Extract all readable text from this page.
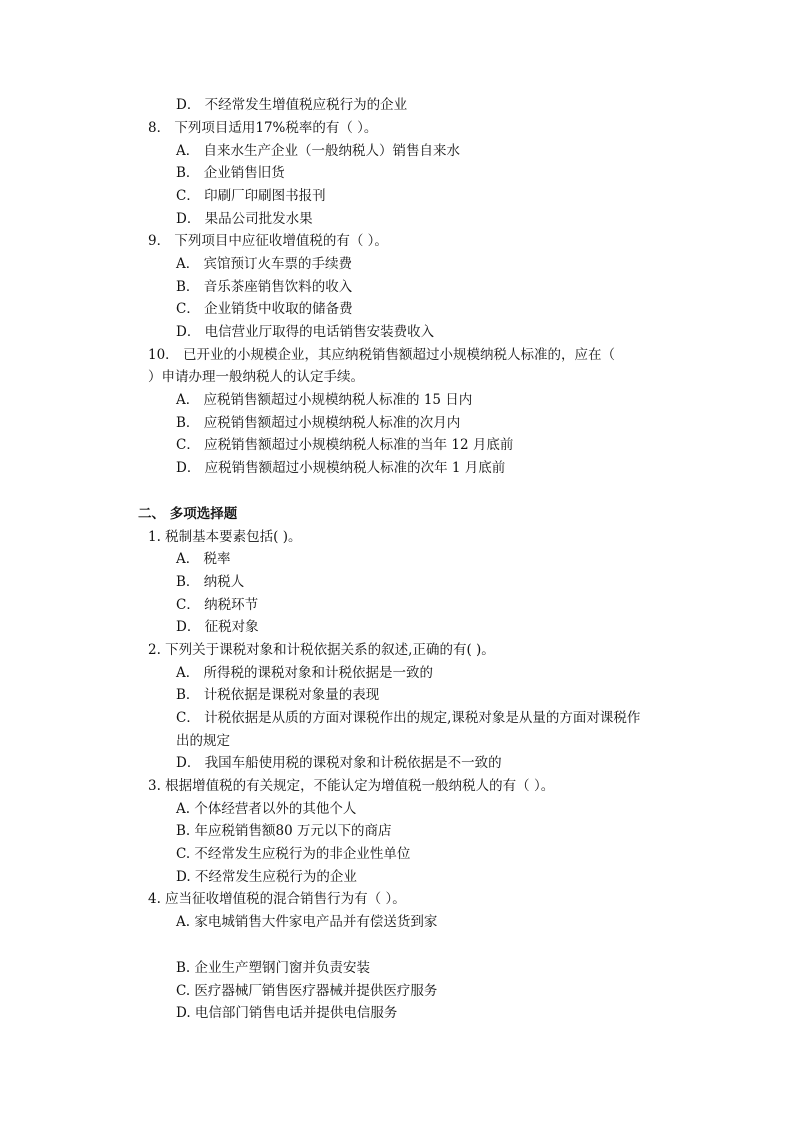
D． 不经常发生增值税应税行为的企业
8． 下列项目适用17%税率的有（ ）。
A． 自来水生产企业（一般纳税人）销售自来水
B． 企业销售旧货
C． 印刷厂印刷图书报刊
D． 果品公司批发水果
9． 下列项目中应征收增值税的有（ ）。
A． 宾馆预订火车票的手续费
B． 音乐茶座销售饮料的收入
C． 企业销货中收取的储备费
D． 电信营业厅取得的电话销售安装费收入
10． 已开业的小规模企业，其应纳税销售额超过小规模纳税人标准的，应在（
）申请办理一般纳税人的认定手续。
A． 应税销售额超过小规模纳税人标准的 15 日内
B． 应税销售额超过小规模纳税人标准的次月内
C． 应税销售额超过小规模纳税人标准的当年 12 月底前
D． 应税销售额超过小规模纳税人标准的次年 1 月底前
二、 多项选择题
1. 税制基本要素包括( )。
A． 税率
B． 纳税人
C． 纳税环节
D． 征税对象
2. 下列关于课税对象和计税依据关系的叙述,正确的有( )。
A． 所得税的课税对象和计税依据是一致的
B． 计税依据是课税对象量的表现
C． 计税依据是从质的方面对课税作出的规定,课税对象是从量的方面对课税作
出的规定
D． 我国车船使用税的课税对象和计税依据是不一致的
3. 根据增值税的有关规定，不能认定为增值税一般纳税人的有（ ）。
A. 个体经营者以外的其他个人
B. 年应税销售额80 万元以下的商店
C. 不经常发生应税行为的非企业性单位
D. 不经常发生应税行为的企业
4. 应当征收增值税的混合销售行为有（ ）。
A. 家电城销售大件家电产品并有偿送货到家
B. 企业生产塑钢门窗并负责安装
C. 医疗器械厂销售医疗器械并提供医疗服务
D. 电信部门销售电话并提供电信服务
